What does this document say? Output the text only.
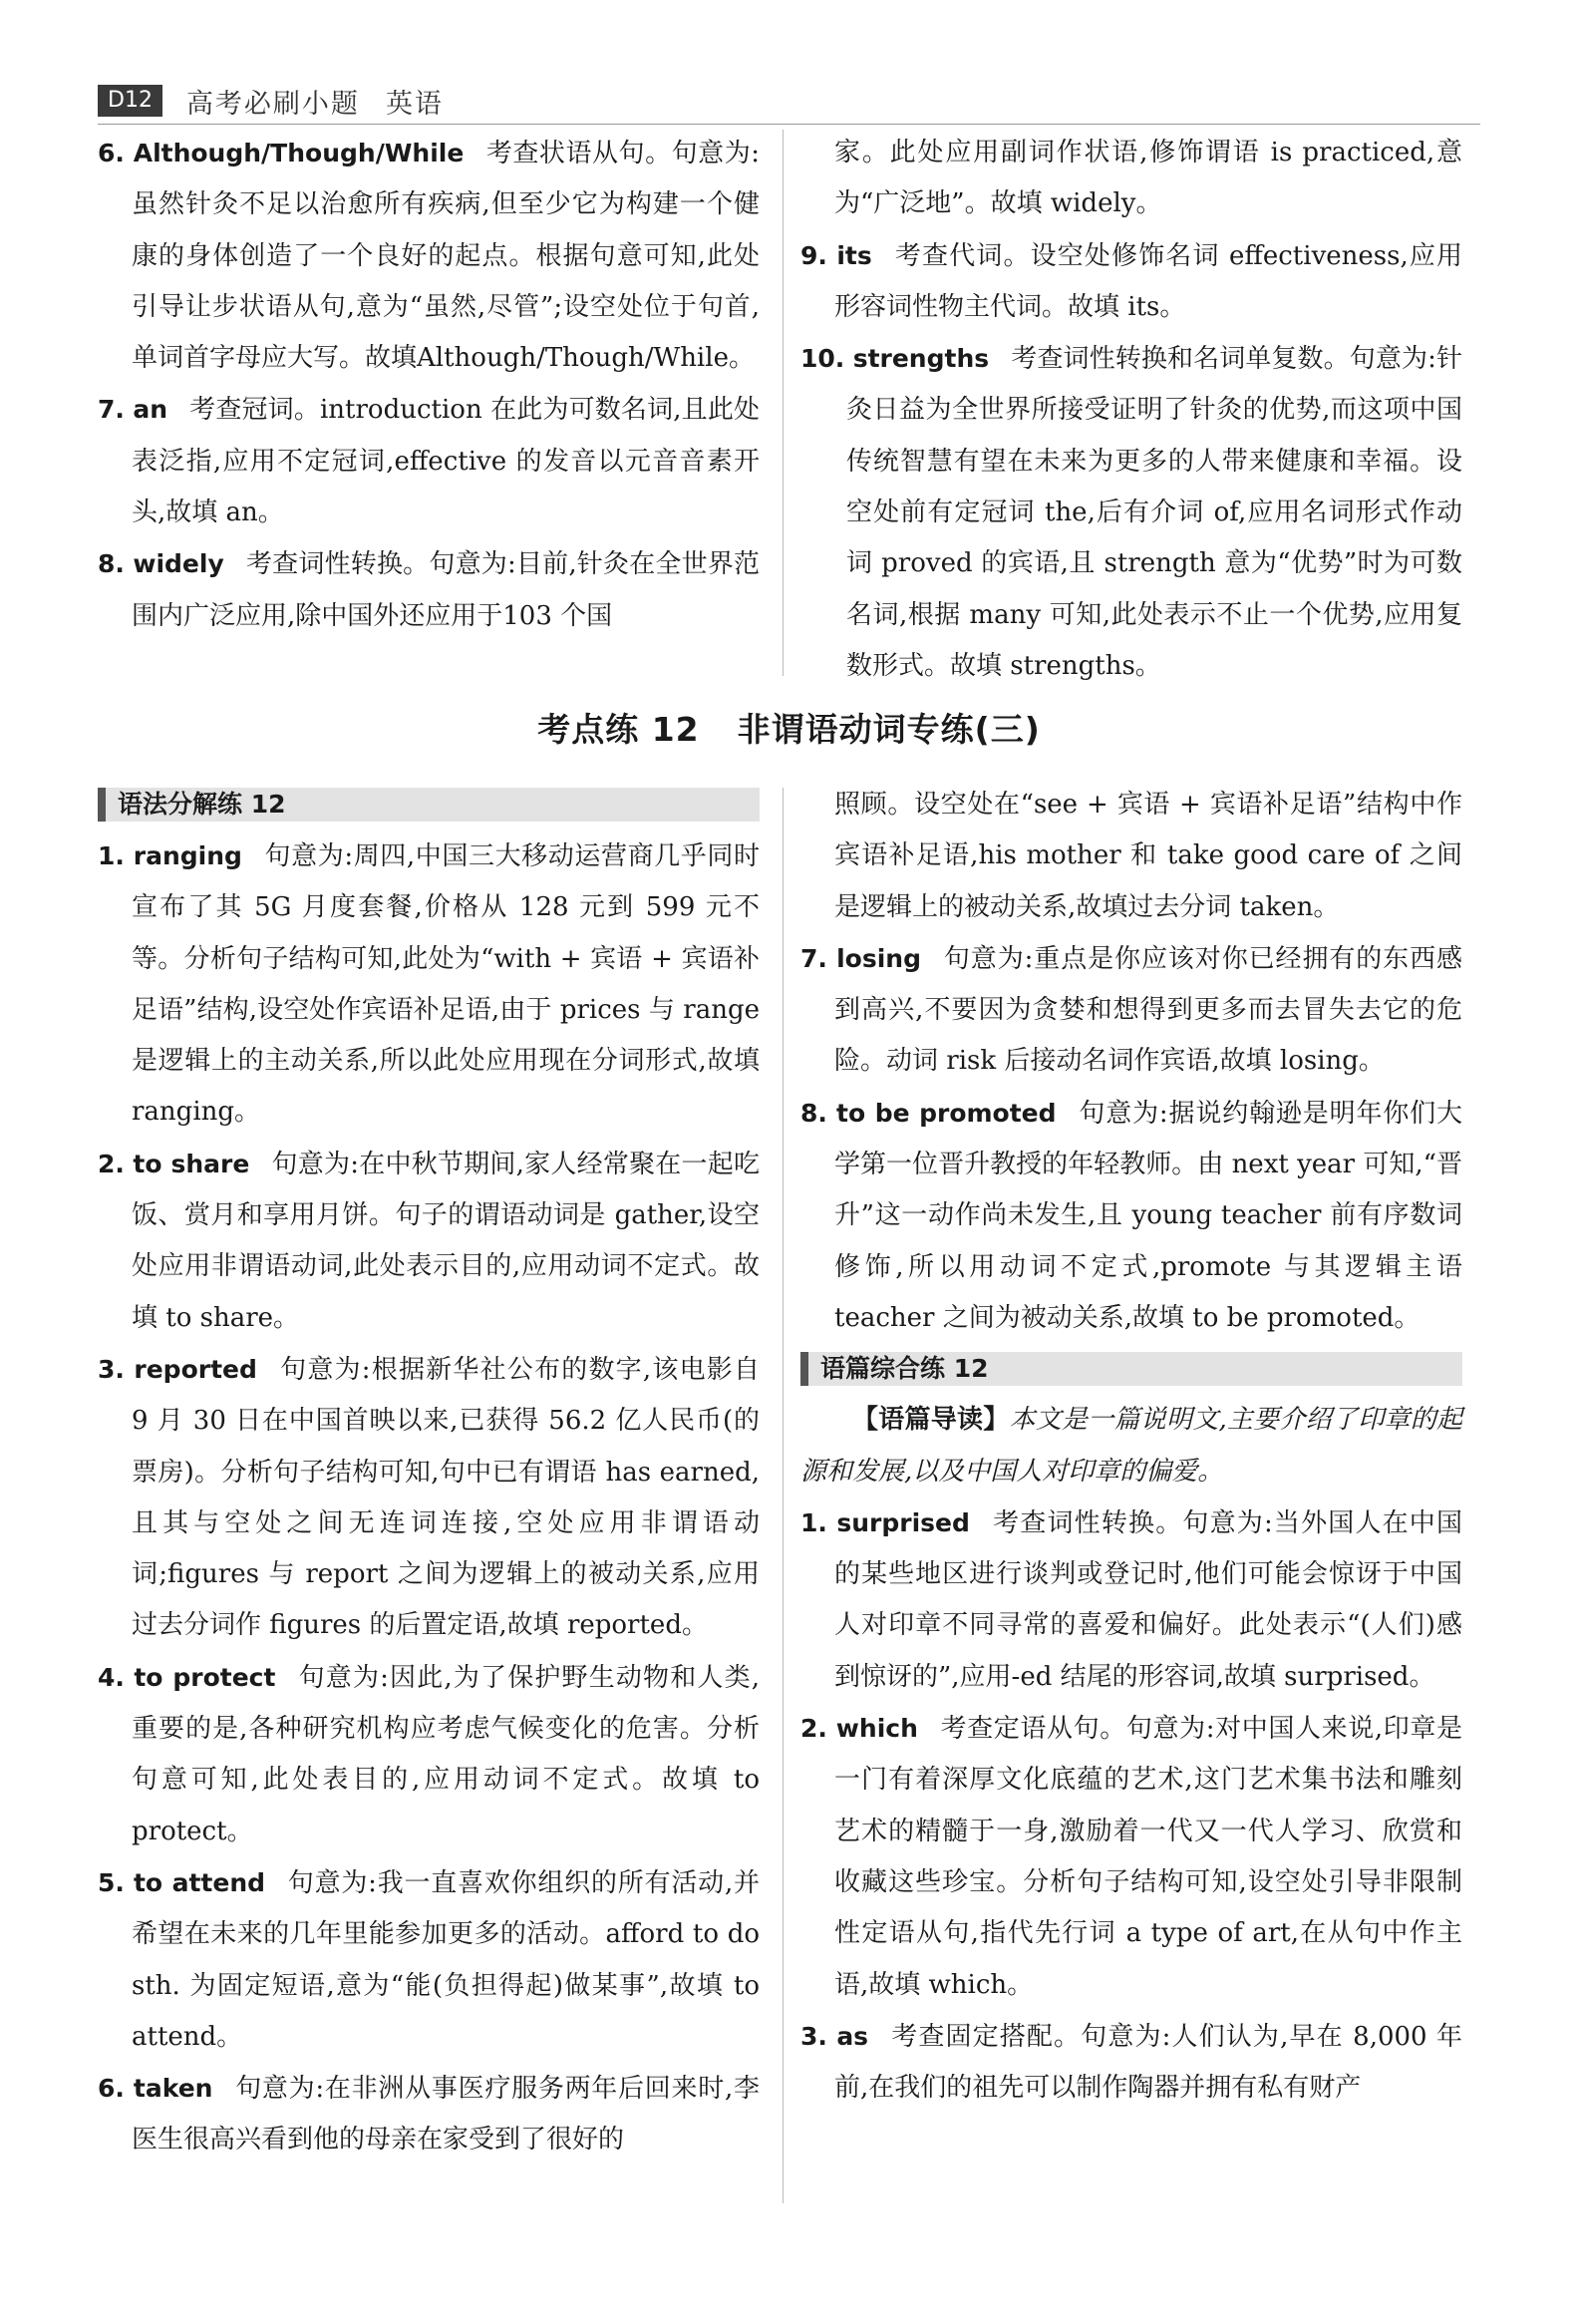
D12	高考必刷小题 英语

6. Although/Though/While 考查状语从句。句意为:虽然针灸不足以治愈所有疾病,但至少它为构建一个健康的身体创造了一个良好的起点。根据句意可知,此处引导让步状语从句,意为“虽然,尽管”;设空处位于句首,单词首字母应大写。故填Although/Though/While。

7. an 考查冠词。introduction 在此为可数名词,且此处表泛指,应用不定冠词,effective 的发音以元音音素开头,故填 an。

8. widely 考查词性转换。句意为:目前,针灸在全世界范围内广泛应用,除中国外还应用于103 个国

家。此处应用副词作状语,修饰谓语 is practiced,意为“广泛地”。故填 widely。

9. its 考查代词。设空处修饰名词 effectiveness,应用形容词性物主代词。故填 its。

10. strengths 考查词性转换和名词单复数。句意为:针灸日益为全世界所接受证明了针灸的优势,而这项中国传统智慧有望在未来为更多的人带来健康和幸福。设空处前有定冠词 the,后有介词 of,应用名词形式作动词 proved 的宾语,且 strength 意为“优势”时为可数名词,根据 many 可知,此处表示不止一个优势,应用复数形式。故填 strengths。

考点练 12 非谓语动词专练(三)
语法分解练 12

1. ranging 句意为:周四,中国三大移动运营商几乎同时宣布了其 5G 月度套餐,价格从 128 元到 599 元不等。分析句子结构可知,此处为“with + 宾语 + 宾语补足语”结构,设空处作宾语补足语,由于 prices 与 range 是逻辑上的主动关系,所以此处应用现在分词形式,故填 ranging。

2. to share 句意为:在中秋节期间,家人经常聚在一起吃饭、赏月和享用月饼。句子的谓语动词是 gather,设空处应用非谓语动词,此处表示目的,应用动词不定式。故填 to share。

3. reported 句意为:根据新华社公布的数字,该电影自 9 月 30 日在中国首映以来,已获得 56.2 亿人民币(的票房)。分析句子结构可知,句中已有谓语 has earned,且其与空处之间无连词连接,空处应用非谓语动词;figures 与 report 之间为逻辑上的被动关系,应用过去分词作 figures 的后置定语,故填 reported。

4. to protect 句意为:因此,为了保护野生动物和人类,重要的是,各种研究机构应考虑气候变化的危害。分析句意可知,此处表目的,应用动词不定式。故填 to protect。

5. to attend 句意为:我一直喜欢你组织的所有活动,并希望在未来的几年里能参加更多的活动。afford to do sth. 为固定短语,意为“能(负担得起)做某事”,故填 to attend。

6. taken 句意为:在非洲从事医疗服务两年后回来时,李医生很高兴看到他的母亲在家受到了很好的

照顾。设空处在“see + 宾语 + 宾语补足语”结构中作宾语补足语,his mother 和 take good care of 之间是逻辑上的被动关系,故填过去分词 taken。

7. losing 句意为:重点是你应该对你已经拥有的东西感到高兴,不要因为贪婪和想得到更多而去冒失去它的危险。动词 risk 后接动名词作宾语,故填 losing。

8. to be promoted 句意为:据说约翰逊是明年你们大学第一位晋升教授的年轻教师。由 next year 可知,“晋升”这一动作尚未发生,且 young teacher 前有序数词修饰,所以用动词不定式,promote 与其逻辑主语 teacher 之间为被动关系,故填 to be promoted。

语篇综合练 12

【语篇导读】本文是一篇说明文,主要介绍了印章的起源和发展,以及中国人对印章的偏爱。

1. surprised 考查词性转换。句意为:当外国人在中国的某些地区进行谈判或登记时,他们可能会惊讶于中国人对印章不同寻常的喜爱和偏好。此处表示“(人们)感到惊讶的”,应用-ed 结尾的形容词,故填 surprised。

2. which 考查定语从句。句意为:对中国人来说,印章是一门有着深厚文化底蕴的艺术,这门艺术集书法和雕刻艺术的精髓于一身,激励着一代又一代人学习、欣赏和收藏这些珍宝。分析句子结构可知,设空处引导非限制性定语从句,指代先行词 a type of art,在从句中作主语,故填 which。

3. as 考查固定搭配。句意为:人们认为,早在 8,000 年前,在我们的祖先可以制作陶器并拥有私有财产
